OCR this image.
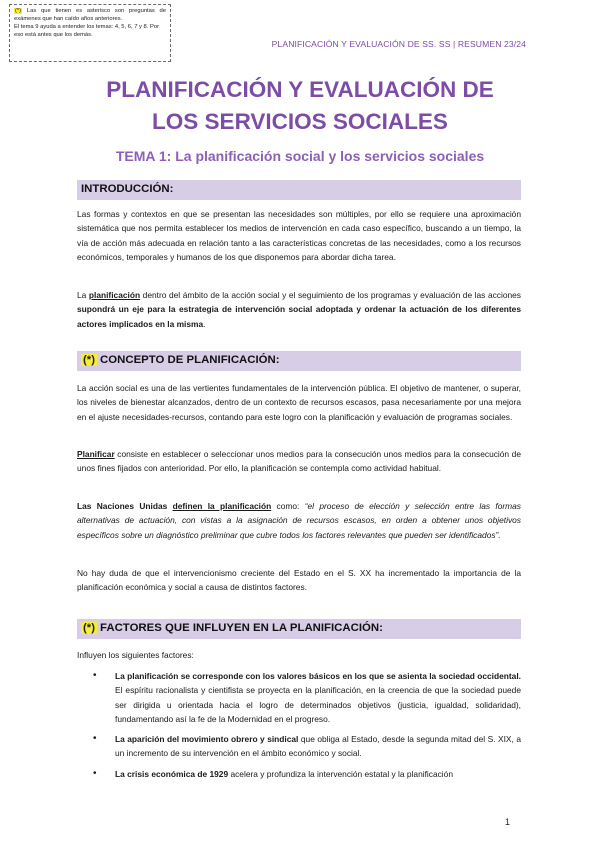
(*) Las que tienen es asterisco son preguntas de exámenes que han caído años anteriores.

El tema 9 ayuda a entender los temas: 4, 5, 6, 7 y 8. Por eso está antes que los demás.

PLANIFICACIÓN Y EVALUACIÓN DE SS. SS | RESUMEN 23/24
PLANIFICACIÓN Y EVALUACIÓN DE
LOS SERVICIOS SOCIALES
TEMA 1: La planificación social y los servicios sociales
INTRODUCCIÓN:

Las formas y contextos en que se presentan las necesidades son múltiples, por ello se requiere una aproximación sistemática que nos permita establecer los medios de intervención en cada caso específico, buscando a un tiempo, la vía de acción más adecuada en relación tanto a las características concretas de las necesidades, como a los recursos económicos, temporales y humanos de los que disponemos para abordar dicha tarea.

La planificación dentro del ámbito de la acción social y el seguimiento de los programas y evaluación de las acciones supondrá un eje para la estrategia de intervención social adoptada y ordenar la actuación de los diferentes actores implicados en la misma.

(*) CONCEPTO DE PLANIFICACIÓN:

La acción social es una de las vertientes fundamentales de la intervención pública. El objetivo de mantener, o superar, los niveles de bienestar alcanzados, dentro de un contexto de recursos escasos, pasa necesariamente por una mejora en el ajuste necesidades-recursos, contando para este logro con la planificación y evaluación de programas sociales.

Planificar consiste en establecer o seleccionar unos medios para la consecución unos medios para la consecución de unos fines fijados con anterioridad. Por ello, la planificación se contempla como actividad habitual.

Las Naciones Unidas definen la planificación como: “el proceso de elección y selección entre las formas alternativas de actuación, con vistas a la asignación de recursos escasos, en orden a obtener unos objetivos específicos sobre un diagnóstico preliminar que cubre todos los factores relevantes que pueden ser identificados”.

No hay duda de que el intervencionismo creciente del Estado en el S. XX ha incrementado la importancia de la planificación económica y social a causa de distintos factores.

(*) FACTORES QUE INFLUYEN EN LA PLANIFICACIÓN:

Influyen los siguientes factores:

• La planificación se corresponde con los valores básicos en los que se asienta la sociedad occidental. El espíritu racionalista y cientifista se proyecta en la planificación, en la creencia de que la sociedad puede ser dirigida u orientada hacia el logro de determinados objetivos (justicia, igualdad, solidaridad), fundamentando así la fe de la Modernidad en el progreso.
• La aparición del movimiento obrero y sindical que obliga al Estado, desde la segunda mitad del S. XIX, a un incremento de su intervención en el ámbito económico y social.
• La crisis económica de 1929 acelera y profundiza la intervención estatal y la planificación
1
